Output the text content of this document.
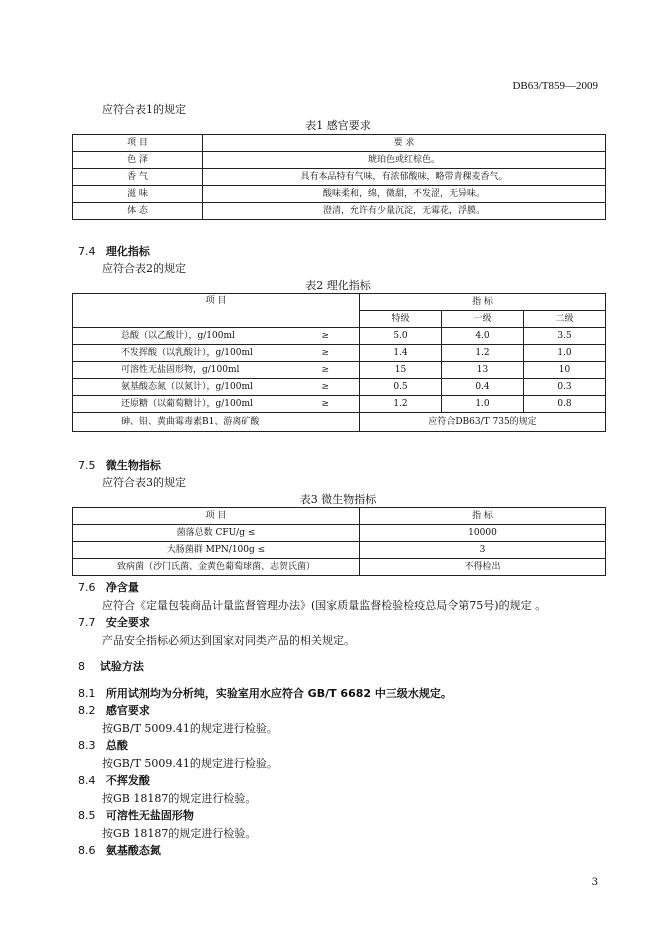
DB63/T859—2009
应符合表1的规定
表1 感官要求
项 目	要 求
色 泽	琥珀色或红棕色。
香 气	具有本品特有气味，有浓郁酸味，略带青稞麦香气。
滋 味	酸味柔和，绵，微甜，不发涩，无异味。
体 态	澄清，允许有少量沉淀，无霉花，浮膜。
7.4 理化指标
应符合表2的规定
表2 理化指标
项 目	指 标		
	特级	一级	二级
总酸（以乙酸计），g/100ml ≥	5.0	4.0	3.5
不发挥酸（以乳酸计），g/100ml ≥	1.4	1.2	1.0
可溶性无盐固形物，g/100ml ≥	15	13	10
氨基酸态氮（以氮计），g/100ml ≥	0.5	0.4	0.3
还原糖（以葡萄糖计），g/100ml ≥	1.2	1.0	0.8
砷、铅、黄曲霉毒素B1、游离矿酸	应符合DB63/T 735的规定		
7.5 微生物指标
应符合表3的规定
表3 微生物指标
项 目	指 标
菌落总数 CFU/g ≤	10000
大肠菌群 MPN/100g ≤	3
致病菌（沙门氏菌、金黄色葡萄球菌、志贺氏菌）	不得检出
7.6 净含量
应符合《定量包装商品计量监督管理办法》(国家质量监督检验检疫总局令第75号)的规定 。
7.7 安全要求
产品安全指标必须达到国家对同类产品的相关规定。
8 试验方法
8.1 所用试剂均为分析纯，实验室用水应符合 GB/T 6682 中三级水规定。
8.2 感官要求
按GB/T 5009.41的规定进行检验。
8.3 总酸
按GB/T 5009.41的规定进行检验。
8.4 不挥发酸
按GB 18187的规定进行检验。
8.5 可溶性无盐固形物
按GB 18187的规定进行检验。
8.6 氨基酸态氮
3
